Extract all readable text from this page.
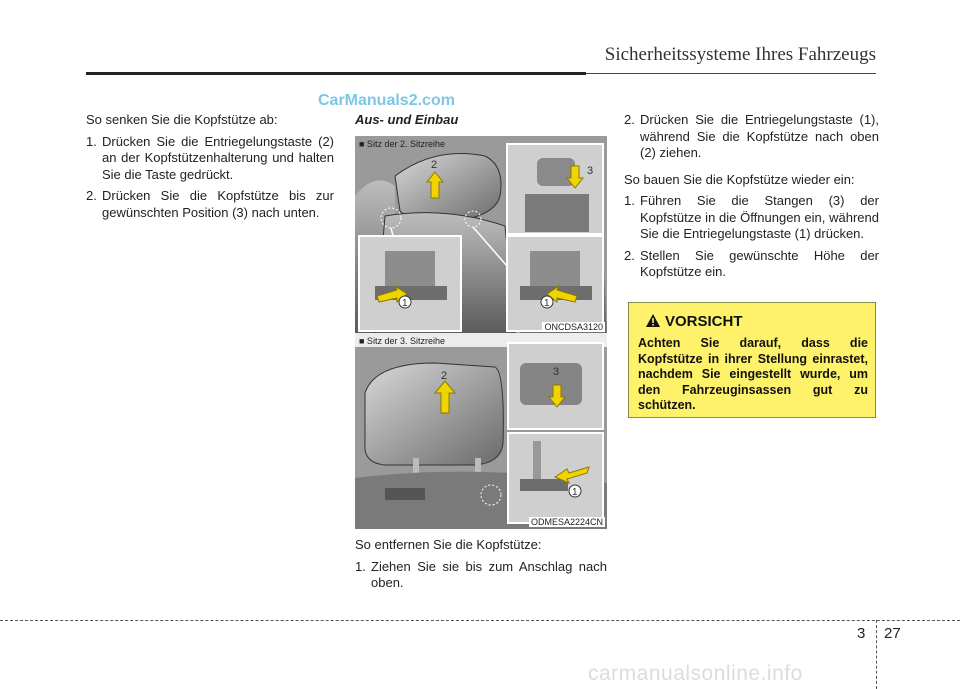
Sicherheitssysteme Ihres Fahrzeugs
CarManuals2.com

So senken Sie die Kopfstütze ab:

1. Drücken Sie die Entriegelungstaste (2) an der Kopfstützenhalterung und halten Sie die Taste gedrückt.
2. Drücken Sie die Kopfstütze bis zur gewünschten Position (3) nach unten.
Aus- und Einbau
■ Sitz der 2. Sitzreihe
2	3
1	1
ONCDSA3120
■ Sitz der 3. Sitzreihe
2	3
1
ODMESA2224CN

So entfernen Sie die Kopfstütze:

1. Ziehen Sie sie bis zum Anschlag nach oben.
2. Drücken Sie die Entriegelungstaste (1), während Sie die Kopfstütze nach oben (2) ziehen.

So bauen Sie die Kopfstütze wieder ein:

1. Führen Sie die Stangen (3) der Kopfstütze in die Öffnungen ein, während Sie die Entriegelungstaste (1) drücken.
2. Stellen Sie gewünschte Höhe der Kopfstütze ein.
VORSICHT
Achten Sie darauf, dass die Kopfstütze in ihrer Stellung einrastet, nachdem Sie eingestellt wurde, um den Fahrzeuginsassen gut zu schützen.
3 27
carmanualsonline.info
